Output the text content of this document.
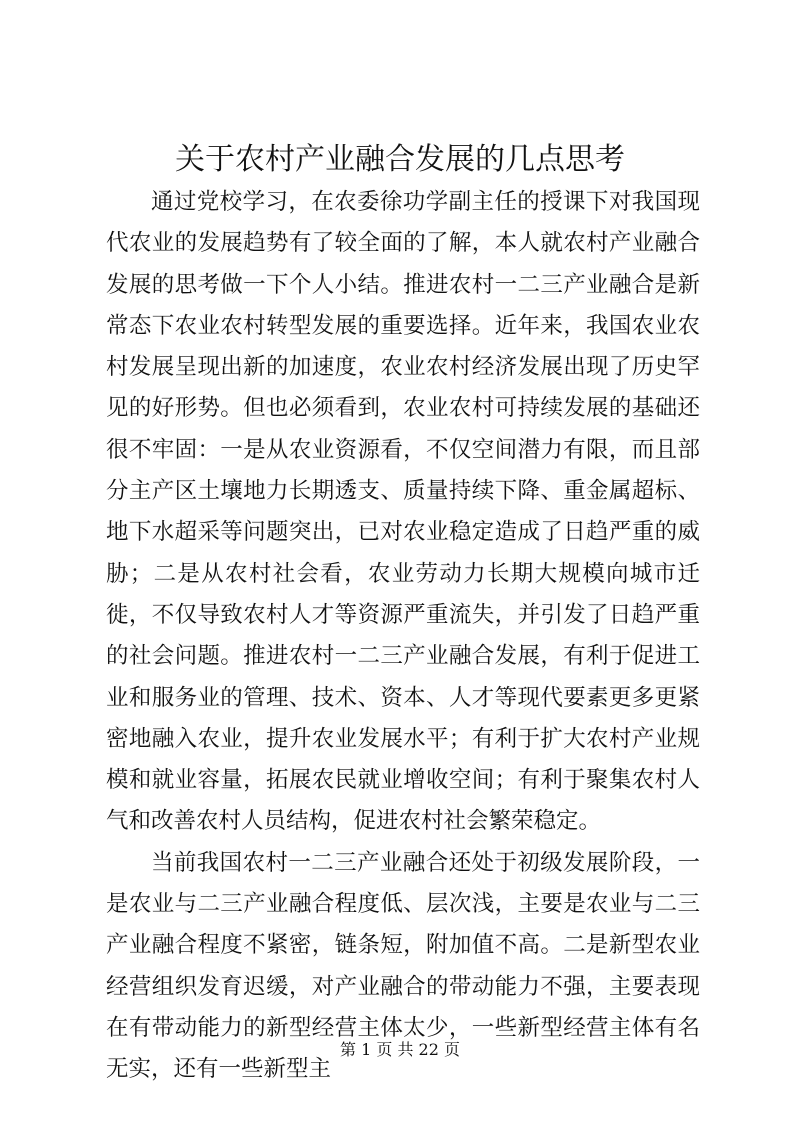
关于农村产业融合发展的几点思考

通过党校学习，在农委徐功学副主任的授课下对我国现代农业的发展趋势有了较全面的了解，本人就农村产业融合发展的思考做一下个人小结。推进农村一二三产业融合是新常态下农业农村转型发展的重要选择。近年来，我国农业农村发展呈现出新的加速度，农业农村经济发展出现了历史罕见的好形势。但也必须看到，农业农村可持续发展的基础还很不牢固：一是从农业资源看，不仅空间潜力有限，而且部分主产区土壤地力长期透支、质量持续下降、重金属超标、地下水超采等问题突出，已对农业稳定造成了日趋严重的威胁；二是从农村社会看，农业劳动力长期大规模向城市迁徙，不仅导致农村人才等资源严重流失，并引发了日趋严重的社会问题。推进农村一二三产业融合发展，有利于促进工业和服务业的管理、技术、资本、人才等现代要素更多更紧密地融入农业，提升农业发展水平；有利于扩大农村产业规模和就业容量，拓展农民就业增收空间；有利于聚集农村人气和改善农村人员结构，促进农村社会繁荣稳定。

当前我国农村一二三产业融合还处于初级发展阶段，一是农业与二三产业融合程度低、层次浅，主要是农业与二三产业融合程度不紧密，链条短，附加值不高。二是新型农业经营组织发育迟缓，对产业融合的带动能力不强，主要表现在有带动能力的新型经营主体太少，一些新型经营主体有名无实，还有一些新型主

第 1 页 共 22 页
